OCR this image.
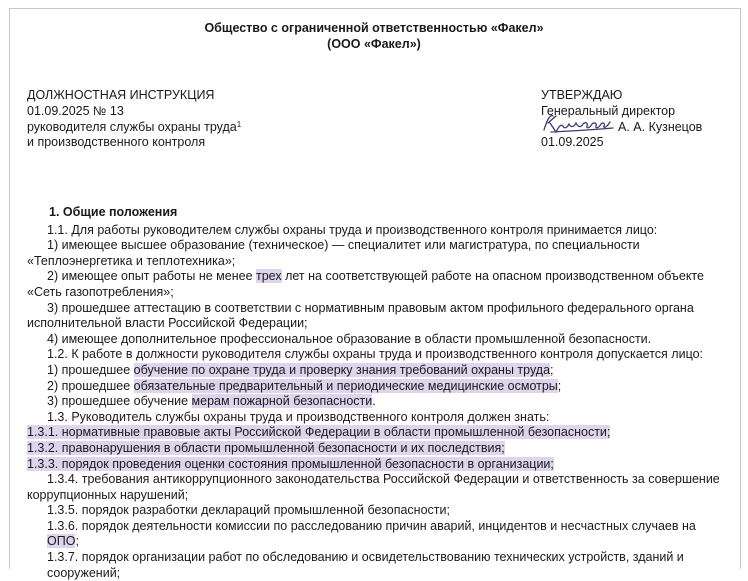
Общество с ограниченной ответственностью «Факел»
(ООО «Факел»)
ДОЛЖНОСТНАЯ ИНСТРУКЦИЯ
01.09.2025 № 13
руководителя службы охраны труда$^1$
и производственного контроля
УТВЕРЖДАЮ
Генеральный директор
А. А. Кузнецов
01.09.2025

1. Общие положения

1.1. Для работы руководителем службы охраны труда и производственного контроля принимается лицо:

1) имеющее высшее образование (техническое) — специалитет или магистратура, по специальности «Теплоэнергетика и теплотехника»;

2) имеющее опыт работы не менее трех лет на соответствующей работе на опасном производственном объекте «Сеть газопотребления»;

3) прошедшее аттестацию в соответствии с нормативным правовым актом профильного федерального органа исполнительной власти Российской Федерации;

4) имеющее дополнительное профессиональное образование в области промышленной безопасности.

1.2. К работе в должности руководителя службы охраны труда и производственного контроля допускается лицо:

1) прошедшее обучение по охране труда и проверку знания требований охраны труда;

2) прошедшее обязательные предварительный и периодические медицинские осмотры;

3) прошедшее обучение мерам пожарной безопасности.

1.3. Руководитель службы охраны труда и производственного контроля должен знать:

1.3.1. нормативные правовые акты Российской Федерации в области промышленной безопасности;

1.3.2. правонарушения в области промышленной безопасности и их последствия;

1.3.3. порядок проведения оценки состояния промышленной безопасности в организации;

1.3.4. требования антикоррупционного законодательства Российской Федерации и ответственность за совершение коррупционных нарушений;

1.3.5. порядок разработки деклараций промышленной безопасности;

1.3.6. порядок деятельности комиссии по расследованию причин аварий, инцидентов и несчастных случаев на ОПО;

1.3.7. порядок организации работ по обследованию и освидетельствованию технических устройств, зданий и сооружений;
